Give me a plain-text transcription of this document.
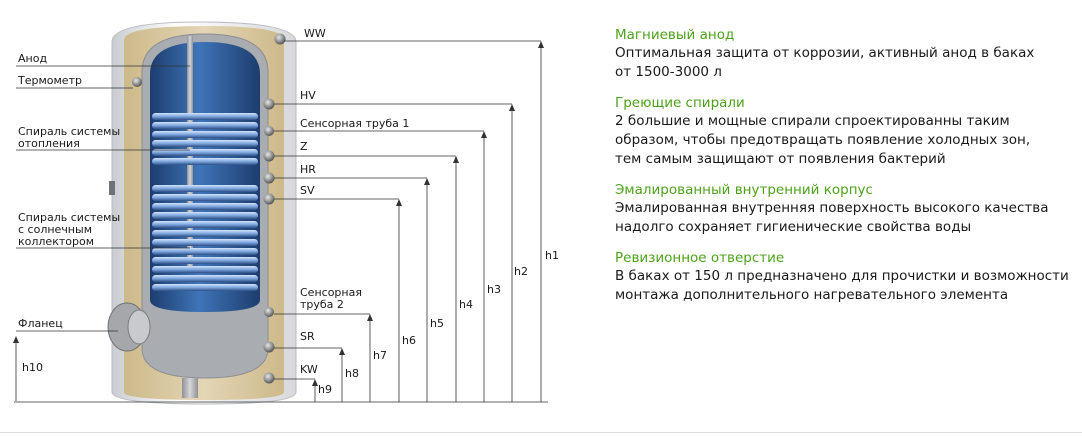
Анод
Термометр
Спираль системы
отопления
Спираль системы
с солнечным
коллектором
Фланец
h10
WW
HV
Сенсорная труба 1
Z
HR
SV
Сенсорная
труба 2
SR
KW
h1
h2
h3
h4
h5
h6
h7
h8
h9
Магниевый анод
Оптимальная защита от коррозии, активный анод в баках
от 1500-3000 л
Греющие спирали
2 большие и мощные спирали спроектированны таким
образом, чтобы предотвращать появление холодных зон,
тем самым защищают от появления бактерий
Эмалированный внутренний корпус
Эмалированная внутренняя поверхность высокого качества
надолго сохраняет гигиенические свойства воды
Ревизионное отверстие
В баках от 150 л предназначено для прочистки и возможности
монтажа дополнительного нагревательного элемента
